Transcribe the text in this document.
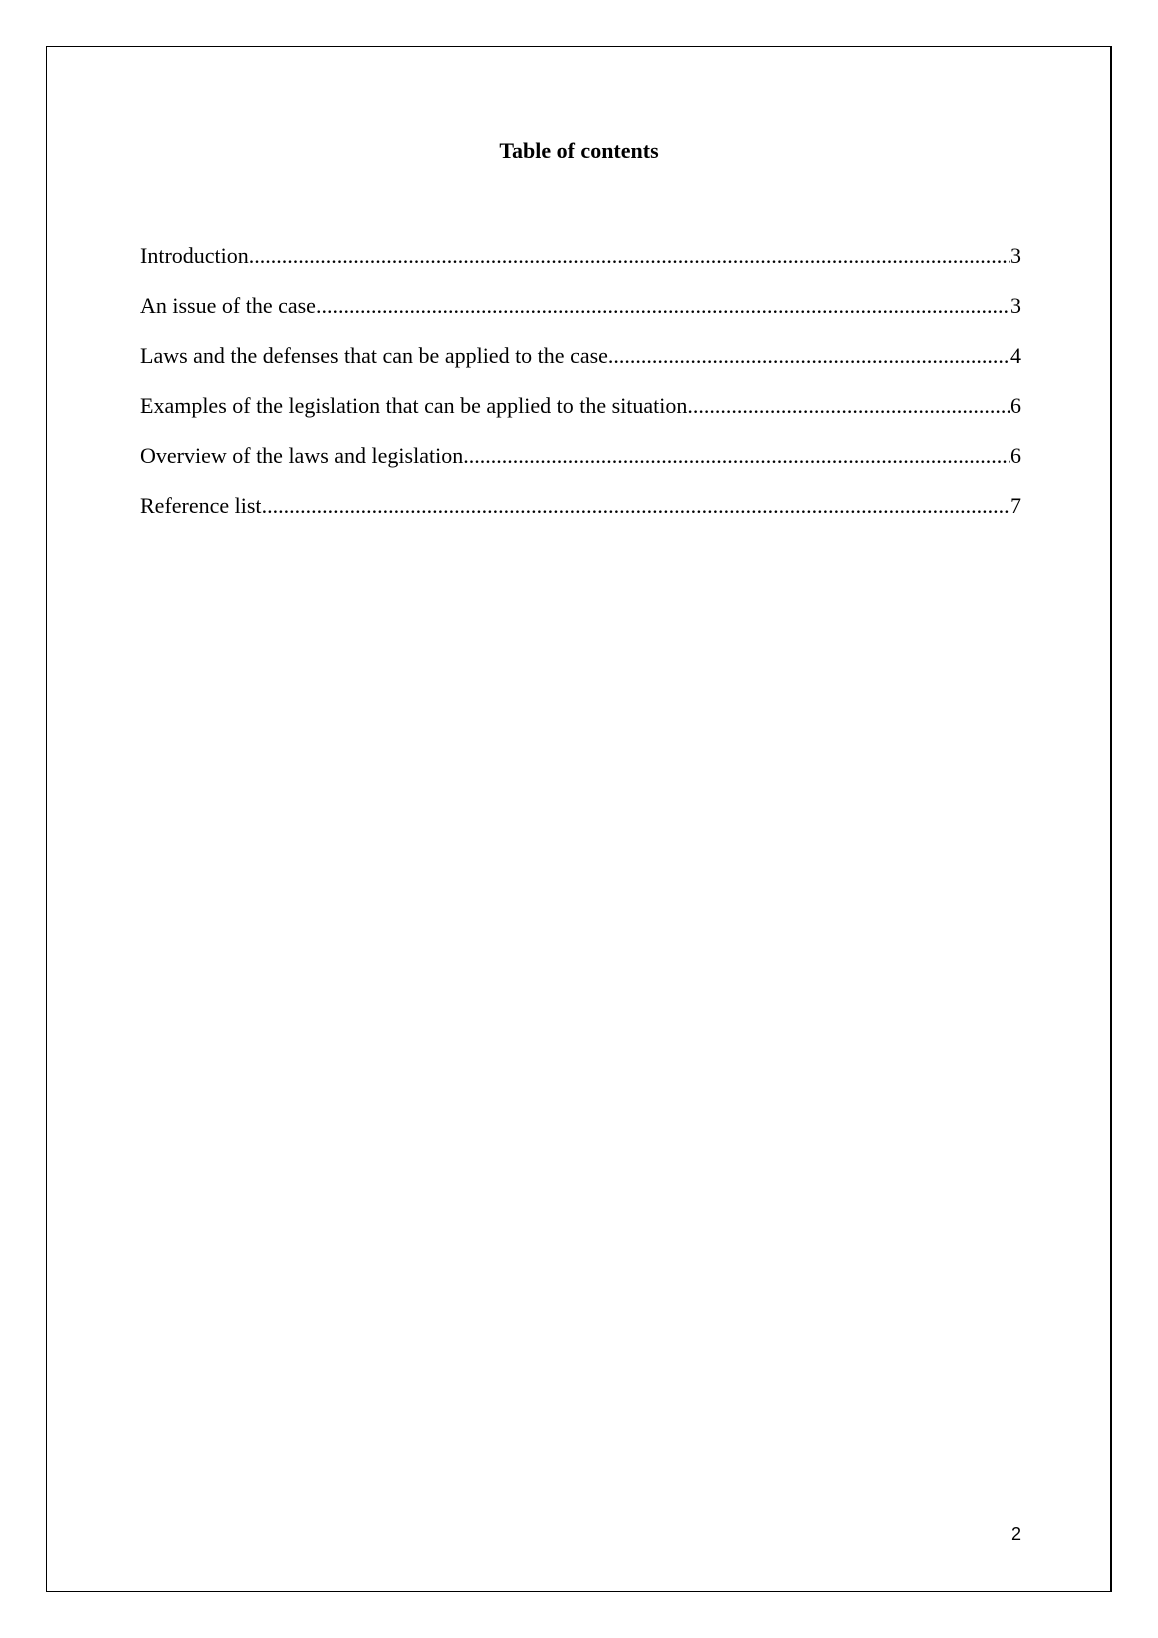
Table of contents
Introduction .....	3
An issue of the case .....	3
Laws and the defenses that can be applied to the case .....	4
Examples of the legislation that can be applied to the situation .....	6
Overview of the laws and legislation .....	6
Reference list .....	7
2
